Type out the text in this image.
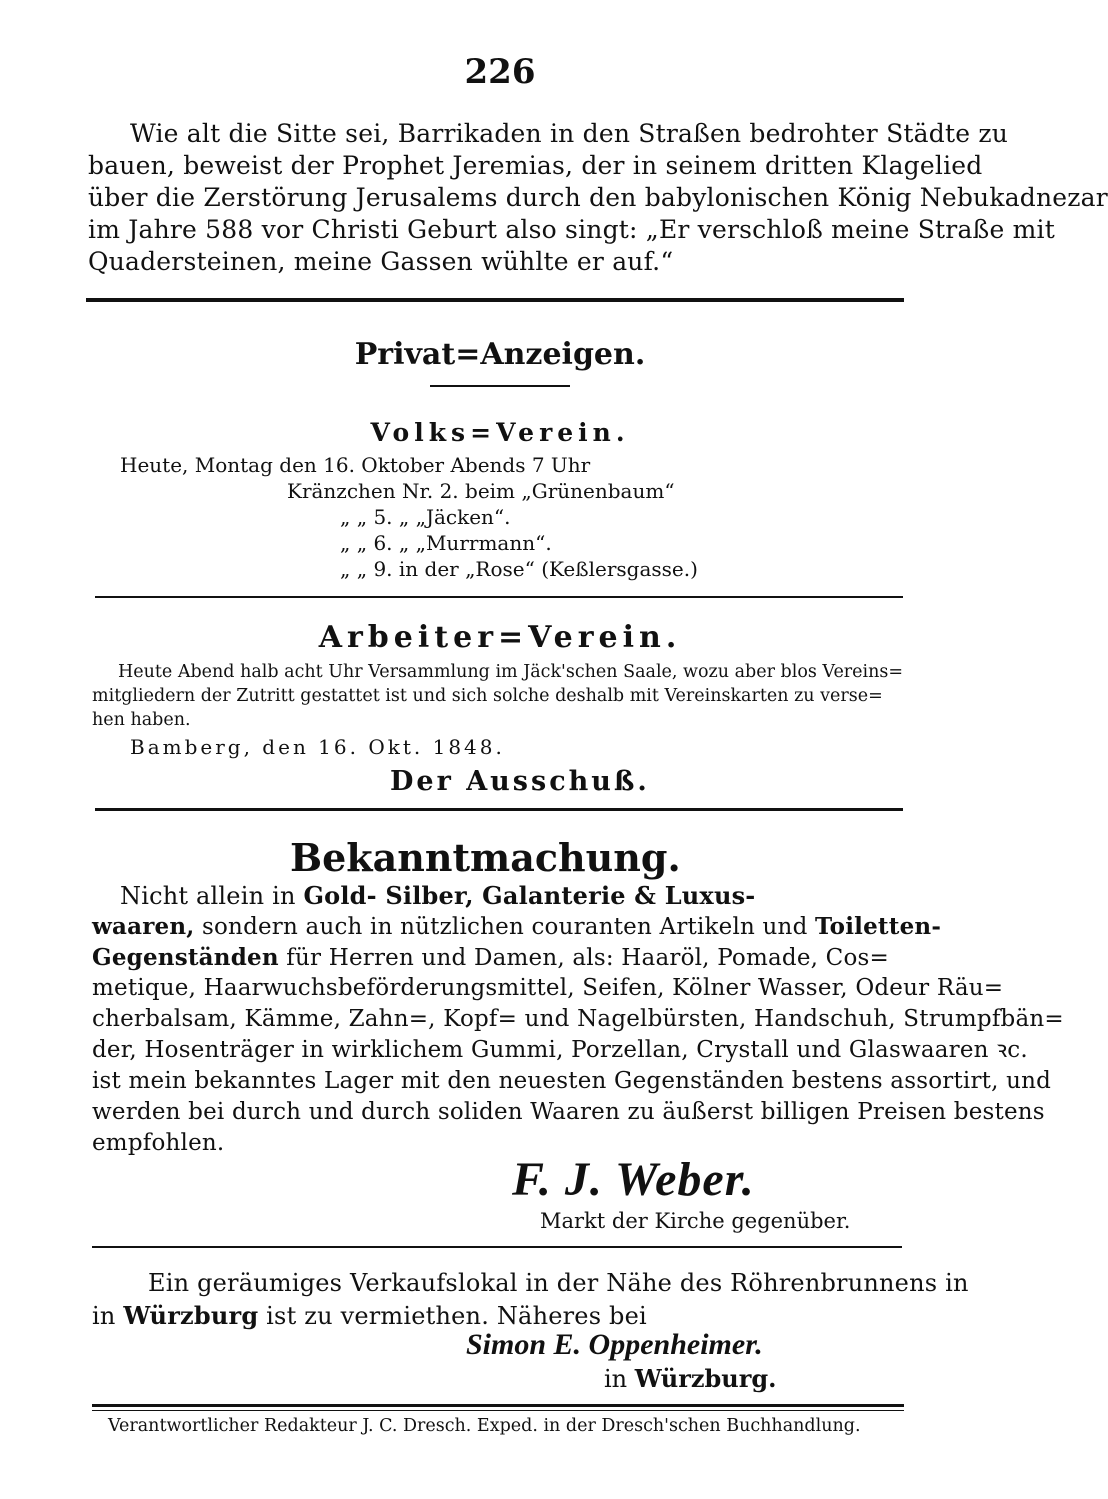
226
Wie alt die Sitte sei, Barrikaden in den Straßen bedrohter Städte zu
bauen, beweist der Prophet Jeremias, der in seinem dritten Klagelied
über die Zerstörung Jerusalems durch den babylonischen König Nebukadnezar
im Jahre 588 vor Christi Geburt also singt: „Er verschloß meine Straße mit
Quadersteinen, meine Gassen wühlte er auf.“
Privat=Anzeigen.
Volks=Verein.
Heute, Montag den 16. Oktober Abends 7 Uhr
Kränzchen Nr. 2. beim „Grünenbaum“
„ „ 5. „ „Jäcken“.
„ „ 6. „ „Murrmann“.
„ „ 9. in der „Rose“ (Keßlersgasse.)
Arbeiter=Verein.
Heute Abend halb acht Uhr Versammlung im Jäck'schen Saale, wozu aber blos Vereins=
mitgliedern der Zutritt gestattet ist und sich solche deshalb mit Vereinskarten zu verse=
hen haben.
Bamberg, den 16. Okt. 1848.
Der Ausschuß.
Bekanntmachung.
Nicht allein in Gold- Silber, Galanterie & Luxus-
waaren, sondern auch in nützlichen couranten Artikeln und Toiletten-
Gegenständen für Herren und Damen, als: Haaröl, Pomade, Cos=
metique, Haarwuchsbeförderungsmittel, Seifen, Kölner Wasser, Odeur Räu=
cherbalsam, Kämme, Zahn=, Kopf= und Nagelbürsten, Handschuh, Strumpfbän=
der, Hosenträger in wirklichem Gummi, Porzellan, Crystall und Glaswaaren ꝛc.
ist mein bekanntes Lager mit den neuesten Gegenständen bestens assortirt, und
werden bei durch und durch soliden Waaren zu äußerst billigen Preisen bestens
empfohlen.
F. J. Weber.
Markt der Kirche gegenüber.
Ein geräumiges Verkaufslokal in der Nähe des Röhrenbrunnens in
in Würzburg ist zu vermiethen. Näheres bei
Simon E. Oppenheimer.
in Würzburg.
Verantwortlicher Redakteur J. C. Dresch. Exped. in der Dresch'schen Buchhandlung.
